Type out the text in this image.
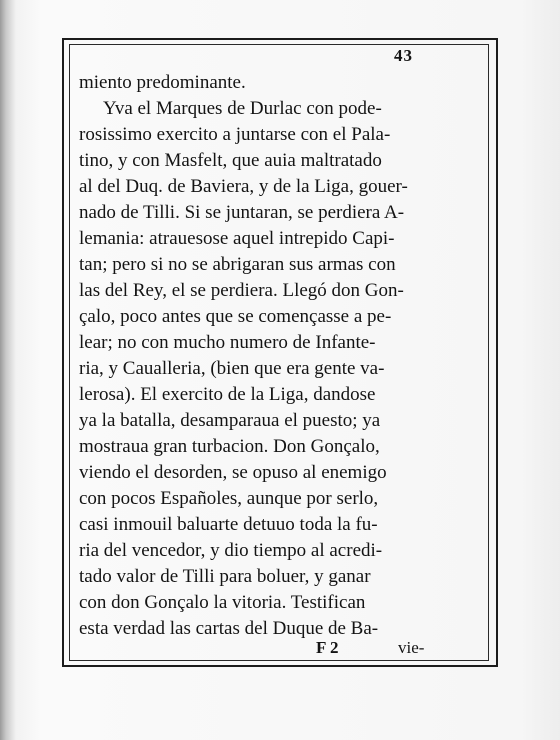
43
miento predominante.
Yva el Marques de Durlac con pode-
rosissimo exercito a juntarse con el Pala-
tino, y con Masfelt, que auia maltratado
al del Duq. de Baviera, y de la Liga, gouer-
nado de Tilli. Si se juntaran, se perdiera A-
lemania: atrauesose aquel intrepido Capi-
tan; pero si no se abrigaran sus armas con
las del Rey, el se perdiera. Llegó don Gon-
çalo, poco antes que se començasse a pe-
lear; no con mucho numero de Infante-
ria, y Caualleria, (bien que era gente va-
lerosa). El exercito de la Liga, dandose
ya la batalla, desamparaua el puesto; ya
mostraua gran turbacion. Don Gonçalo,
viendo el desorden, se opuso al enemigo
con pocos Españoles, aunque por serlo,
casi inmouil baluarte detuuo toda la fu-
ria del vencedor, y dio tiempo al acredi-
tado valor de Tilli para boluer, y ganar
con don Gonçalo la vitoria. Testifican
esta verdad las cartas del Duque de Ba-
F 2	vie-
